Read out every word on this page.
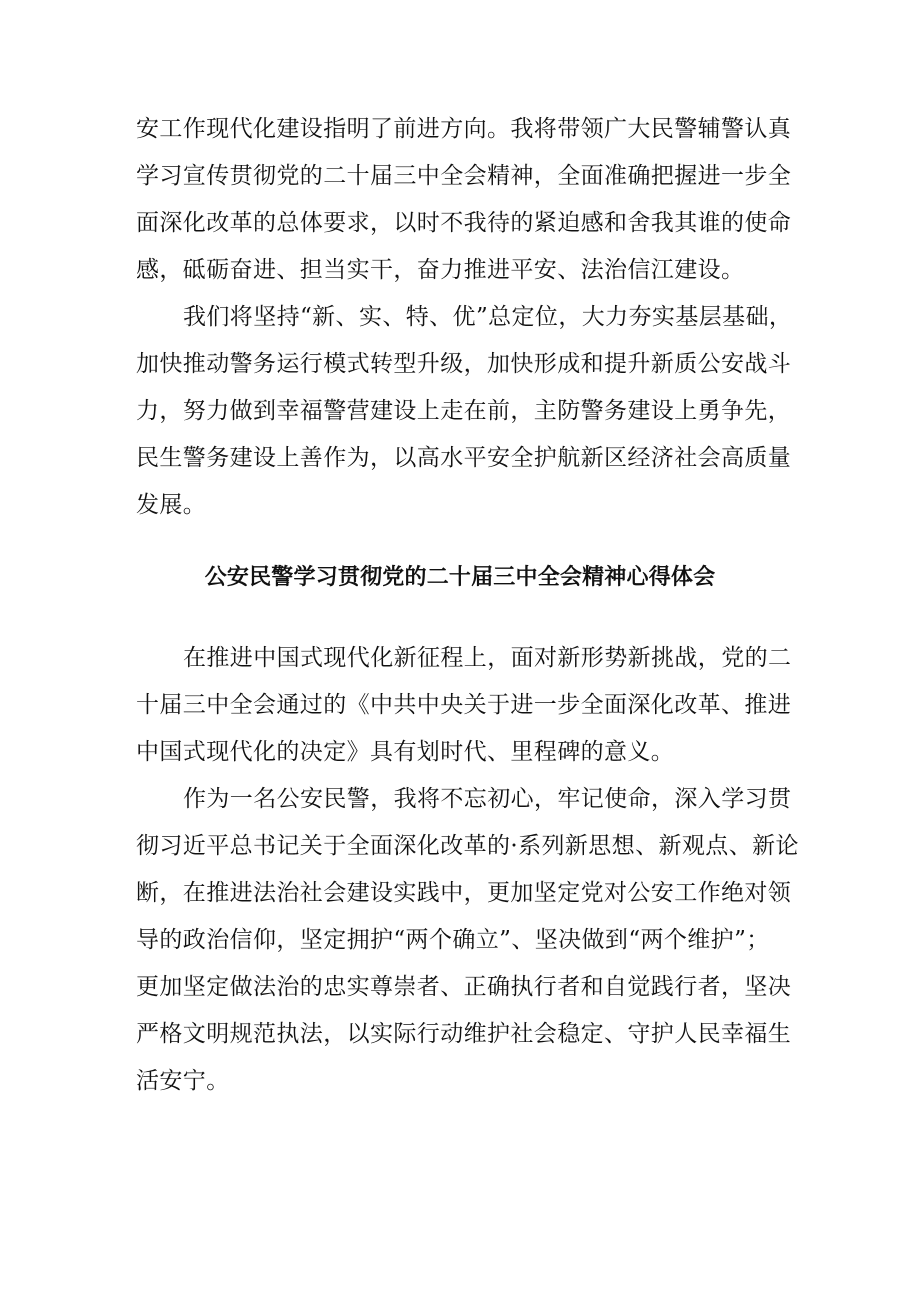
安工作现代化建设指明了前进方向。我将带领广大民警辅警认真
学习宣传贯彻党的二十届三中全会精神，全面准确把握进一步全
面深化改革的总体要求，以时不我待的紧迫感和舍我其谁的使命
感，砥砺奋进、担当实干，奋力推进平安、法治信江建设。
我们将坚持“新、实、特、优”总定位，大力夯实基层基础，
加快推动警务运行模式转型升级，加快形成和提升新质公安战斗
力，努力做到幸福警营建设上走在前，主防警务建设上勇争先，
民生警务建设上善作为，以高水平安全护航新区经济社会高质量
发展。
公安民警学习贯彻党的二十届三中全会精神心得体会
在推进中国式现代化新征程上，面对新形势新挑战，党的二
十届三中全会通过的《中共中央关于进一步全面深化改革、推进
中国式现代化的决定》具有划时代、里程碑的意义。
作为一名公安民警，我将不忘初心，牢记使命，深入学习贯
彻习近平总书记关于全面深化改革的·系列新思想、新观点、新论
断，在推进法治社会建设实践中，更加坚定党对公安工作绝对领
导的政治信仰，坚定拥护“两个确立”、坚决做到“两个维护”；
更加坚定做法治的忠实尊崇者、正确执行者和自觉践行者，坚决
严格文明规范执法，以实际行动维护社会稳定、守护人民幸福生
活安宁。
